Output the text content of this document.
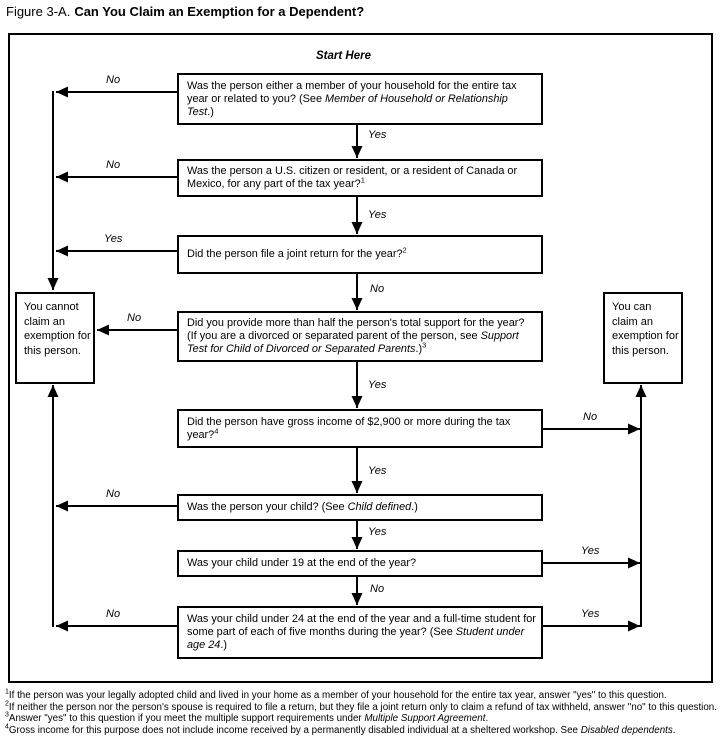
Figure 3-A. Can You Claim an Exemption for a Dependent?
Start Here

Was the person either a member of your household for the entire tax year or related to you? (See Member of Household or Relationship Test.)

Was the person a U.S. citizen or resident, or a resident of Canada or Mexico, for any part of the tax year?$^1$

Did the person file a joint return for the year?$^2$

Did you provide more than half the person's total support for the year? (If you are a divorced or separated parent of the person, see Support Test for Child of Divorced or Separated Parents.)$^3$

Did the person have gross income of $2,900 or more during the tax year?$^4$

Was the person your child? (See Child defined.)

Was your child under 19 at the end of the year?

Was your child under 24 at the end of the year and a full-time student for some part of each of five months during the year? (See Student under age 24.)

You cannot claim an exemption for this person.
You can claim an exemption for this person.
No
Yes
No
Yes
Yes
No
No
Yes
No
Yes
No
Yes
Yes
No
No	Yes
$^1$If the person was your legally adopted child and lived in your home as a member of your household for the entire tax year, answer "yes" to this question.
$^2$If neither the person nor the person's spouse is required to file a return, but they file a joint return only to claim a refund of tax withheld, answer "no" to this question.
$^3$Answer "yes" to this question if you meet the multiple support requirements under Multiple Support Agreement.
$^4$Gross income for this purpose does not include income received by a permanently disabled individual at a sheltered workshop. See Disabled dependents.
